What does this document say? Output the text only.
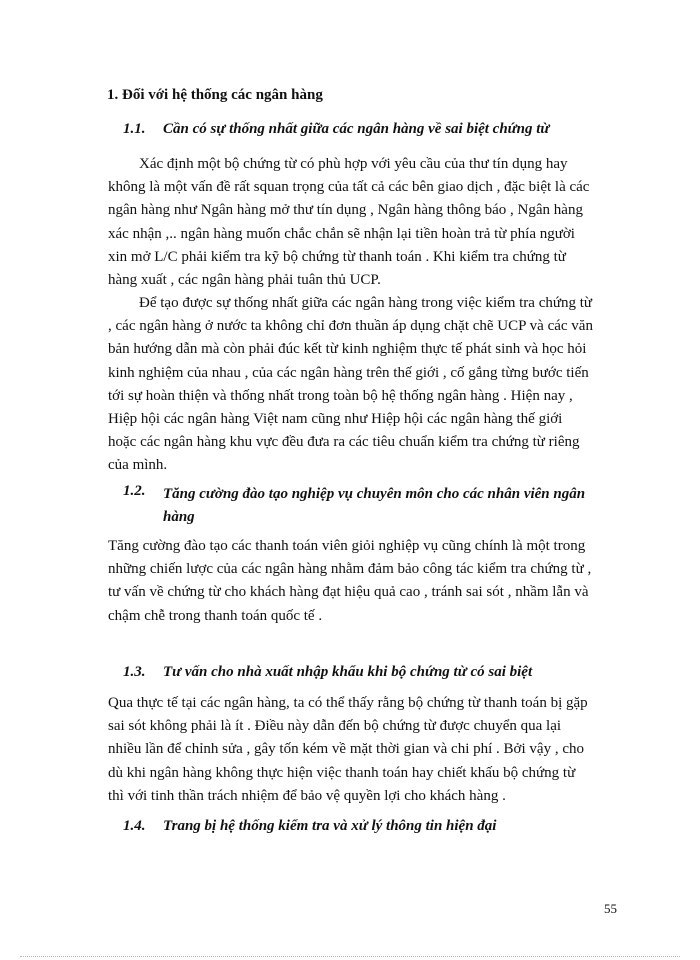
1. Đối với hệ thống các ngân hàng
1.1. Cần có sự thống nhất giữa các ngân hàng về sai biệt chứng từ

Xác định một bộ chứng từ có phù hợp với yêu cầu của thư tín dụng hay không là một vấn đề rất squan trọng của tất cả các bên giao dịch , đặc biệt là các ngân hàng như Ngân hàng mở thư tín dụng , Ngân hàng thông báo , Ngân hàng xác nhận ,.. ngân hàng muốn chắc chắn sẽ nhận lại tiền hoàn trả từ phía người xin mở L/C phải kiểm tra kỹ bộ chứng từ thanh toán . Khi kiểm tra chứng từ hàng xuất , các ngân hàng phải tuân thủ UCP.

Để tạo được sự thống nhất giữa các ngân hàng trong việc kiểm tra chứng từ , các ngân hàng ở nước ta không chỉ đơn thuần áp dụng chặt chẽ UCP và các văn bản hướng dẫn mà còn phải đúc kết từ kinh nghiệm thực tế phát sinh và học hỏi kinh nghiệm của nhau , của các ngân hàng trên thế giới , cố gắng từng bước tiến tới sự hoàn thiện và thống nhất trong toàn bộ hệ thống ngân hàng . Hiện nay , Hiệp hội các ngân hàng Việt nam cũng như Hiệp hội các ngân hàng thế giới hoặc các ngân hàng khu vực đều đưa ra các tiêu chuẩn kiểm tra chứng từ riêng của mình.

1.2.	Tăng cường đào tạo nghiệp vụ chuyên môn cho các nhân viên ngân hàng

Tăng cường đào tạo các thanh toán viên giỏi nghiệp vụ cũng chính là một trong những chiến lược của các ngân hàng nhằm đảm bảo công tác kiểm tra chứng từ , tư vấn về chứng từ cho khách hàng đạt hiệu quả cao , tránh sai sót , nhầm lẫn và chậm chễ trong thanh toán quốc tế .

1.3. Tư vấn cho nhà xuất nhập khẩu khi bộ chứng từ có sai biệt

Qua thực tế tại các ngân hàng, ta có thể thấy rằng bộ chứng từ thanh toán bị gặp sai sót không phải là ít . Điều này dẫn đến bộ chứng từ được chuyển qua lại nhiều lần để chỉnh sửa , gây tốn kém về mặt thời gian và chi phí . Bởi vậy , cho dù khi ngân hàng không thực hiện việc thanh toán hay chiết khấu bộ chứng từ thì với tinh thần trách nhiệm để bảo vệ quyền lợi cho khách hàng .

1.4. Trang bị hệ thống kiểm tra và xử lý thông tin hiện đại
55
